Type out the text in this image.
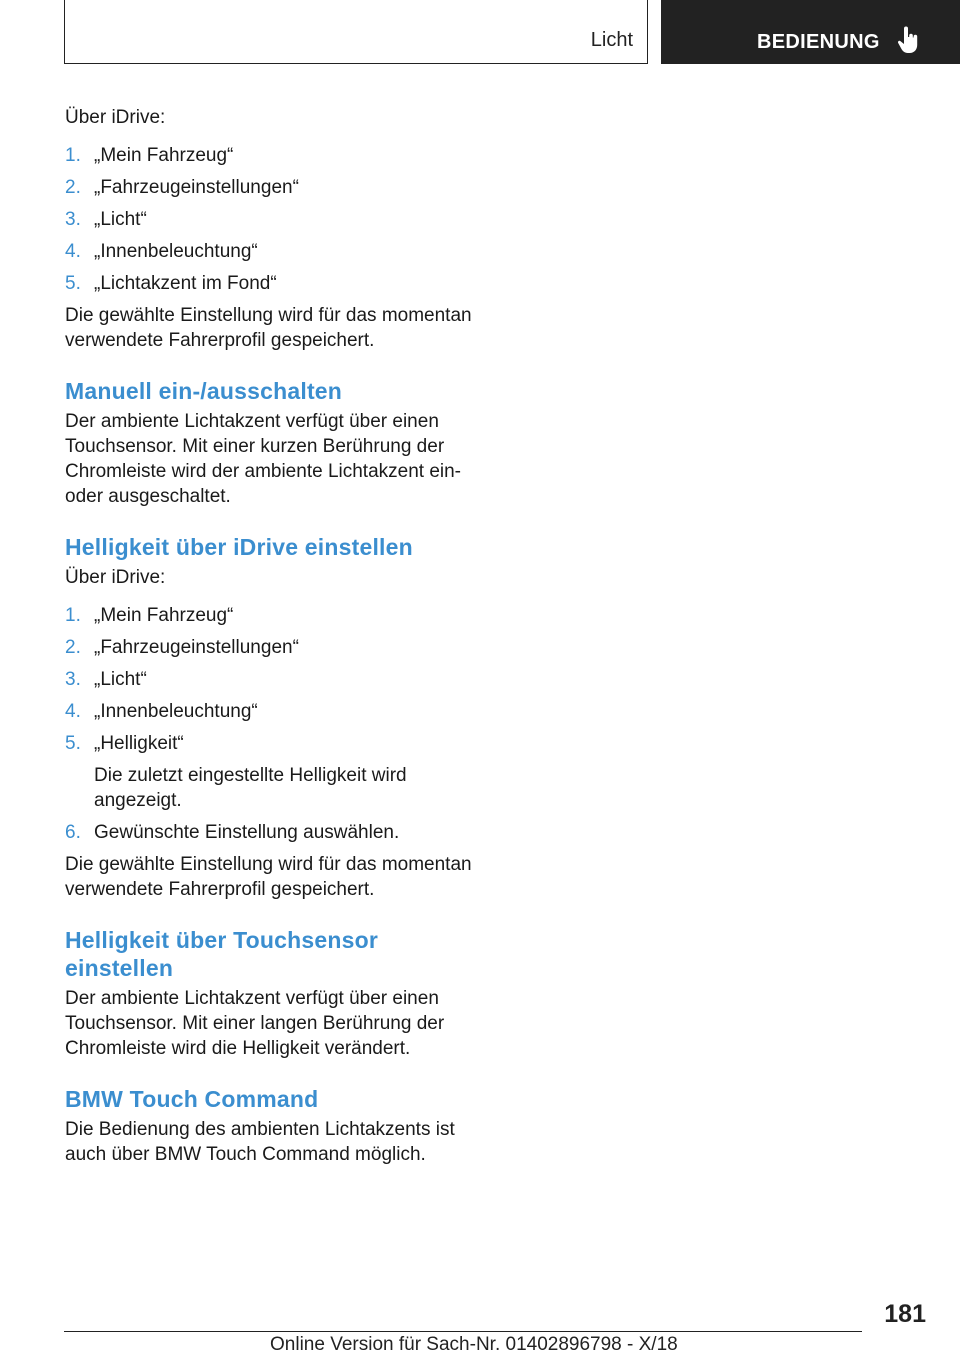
Licht	BEDIENUNG

Über iDrive:

1. „Mein Fahrzeug“
2. „Fahrzeugeinstellungen“
3. „Licht“
4. „Innenbeleuchtung“
5. „Lichtakzent im Fond“

Die gewählte Einstellung wird für das momentan verwendete Fahrerprofil gespeichert.

Manuell ein-/ausschalten

Der ambiente Lichtakzent verfügt über einen Touchsensor. Mit einer kurzen Berührung der Chromleiste wird der ambiente Lichtakzent ein- oder ausgeschaltet.

Helligkeit über iDrive einstellen

Über iDrive:

1. „Mein Fahrzeug“
2. „Fahrzeugeinstellungen“
3. „Licht“
4. „Innenbeleuchtung“
5. „Helligkeit“
Die zuletzt eingestellte Helligkeit wird angezeigt.
6. Gewünschte Einstellung auswählen.

Die gewählte Einstellung wird für das momentan verwendete Fahrerprofil gespeichert.

Helligkeit über Touchsensor einstellen

Der ambiente Lichtakzent verfügt über einen Touchsensor. Mit einer langen Berührung der Chromleiste wird die Helligkeit verändert.

BMW Touch Command

Die Bedienung des ambienten Lichtakzents ist auch über BMW Touch Command möglich.

181
Online Version für Sach-Nr. 01402896798 - X/18
